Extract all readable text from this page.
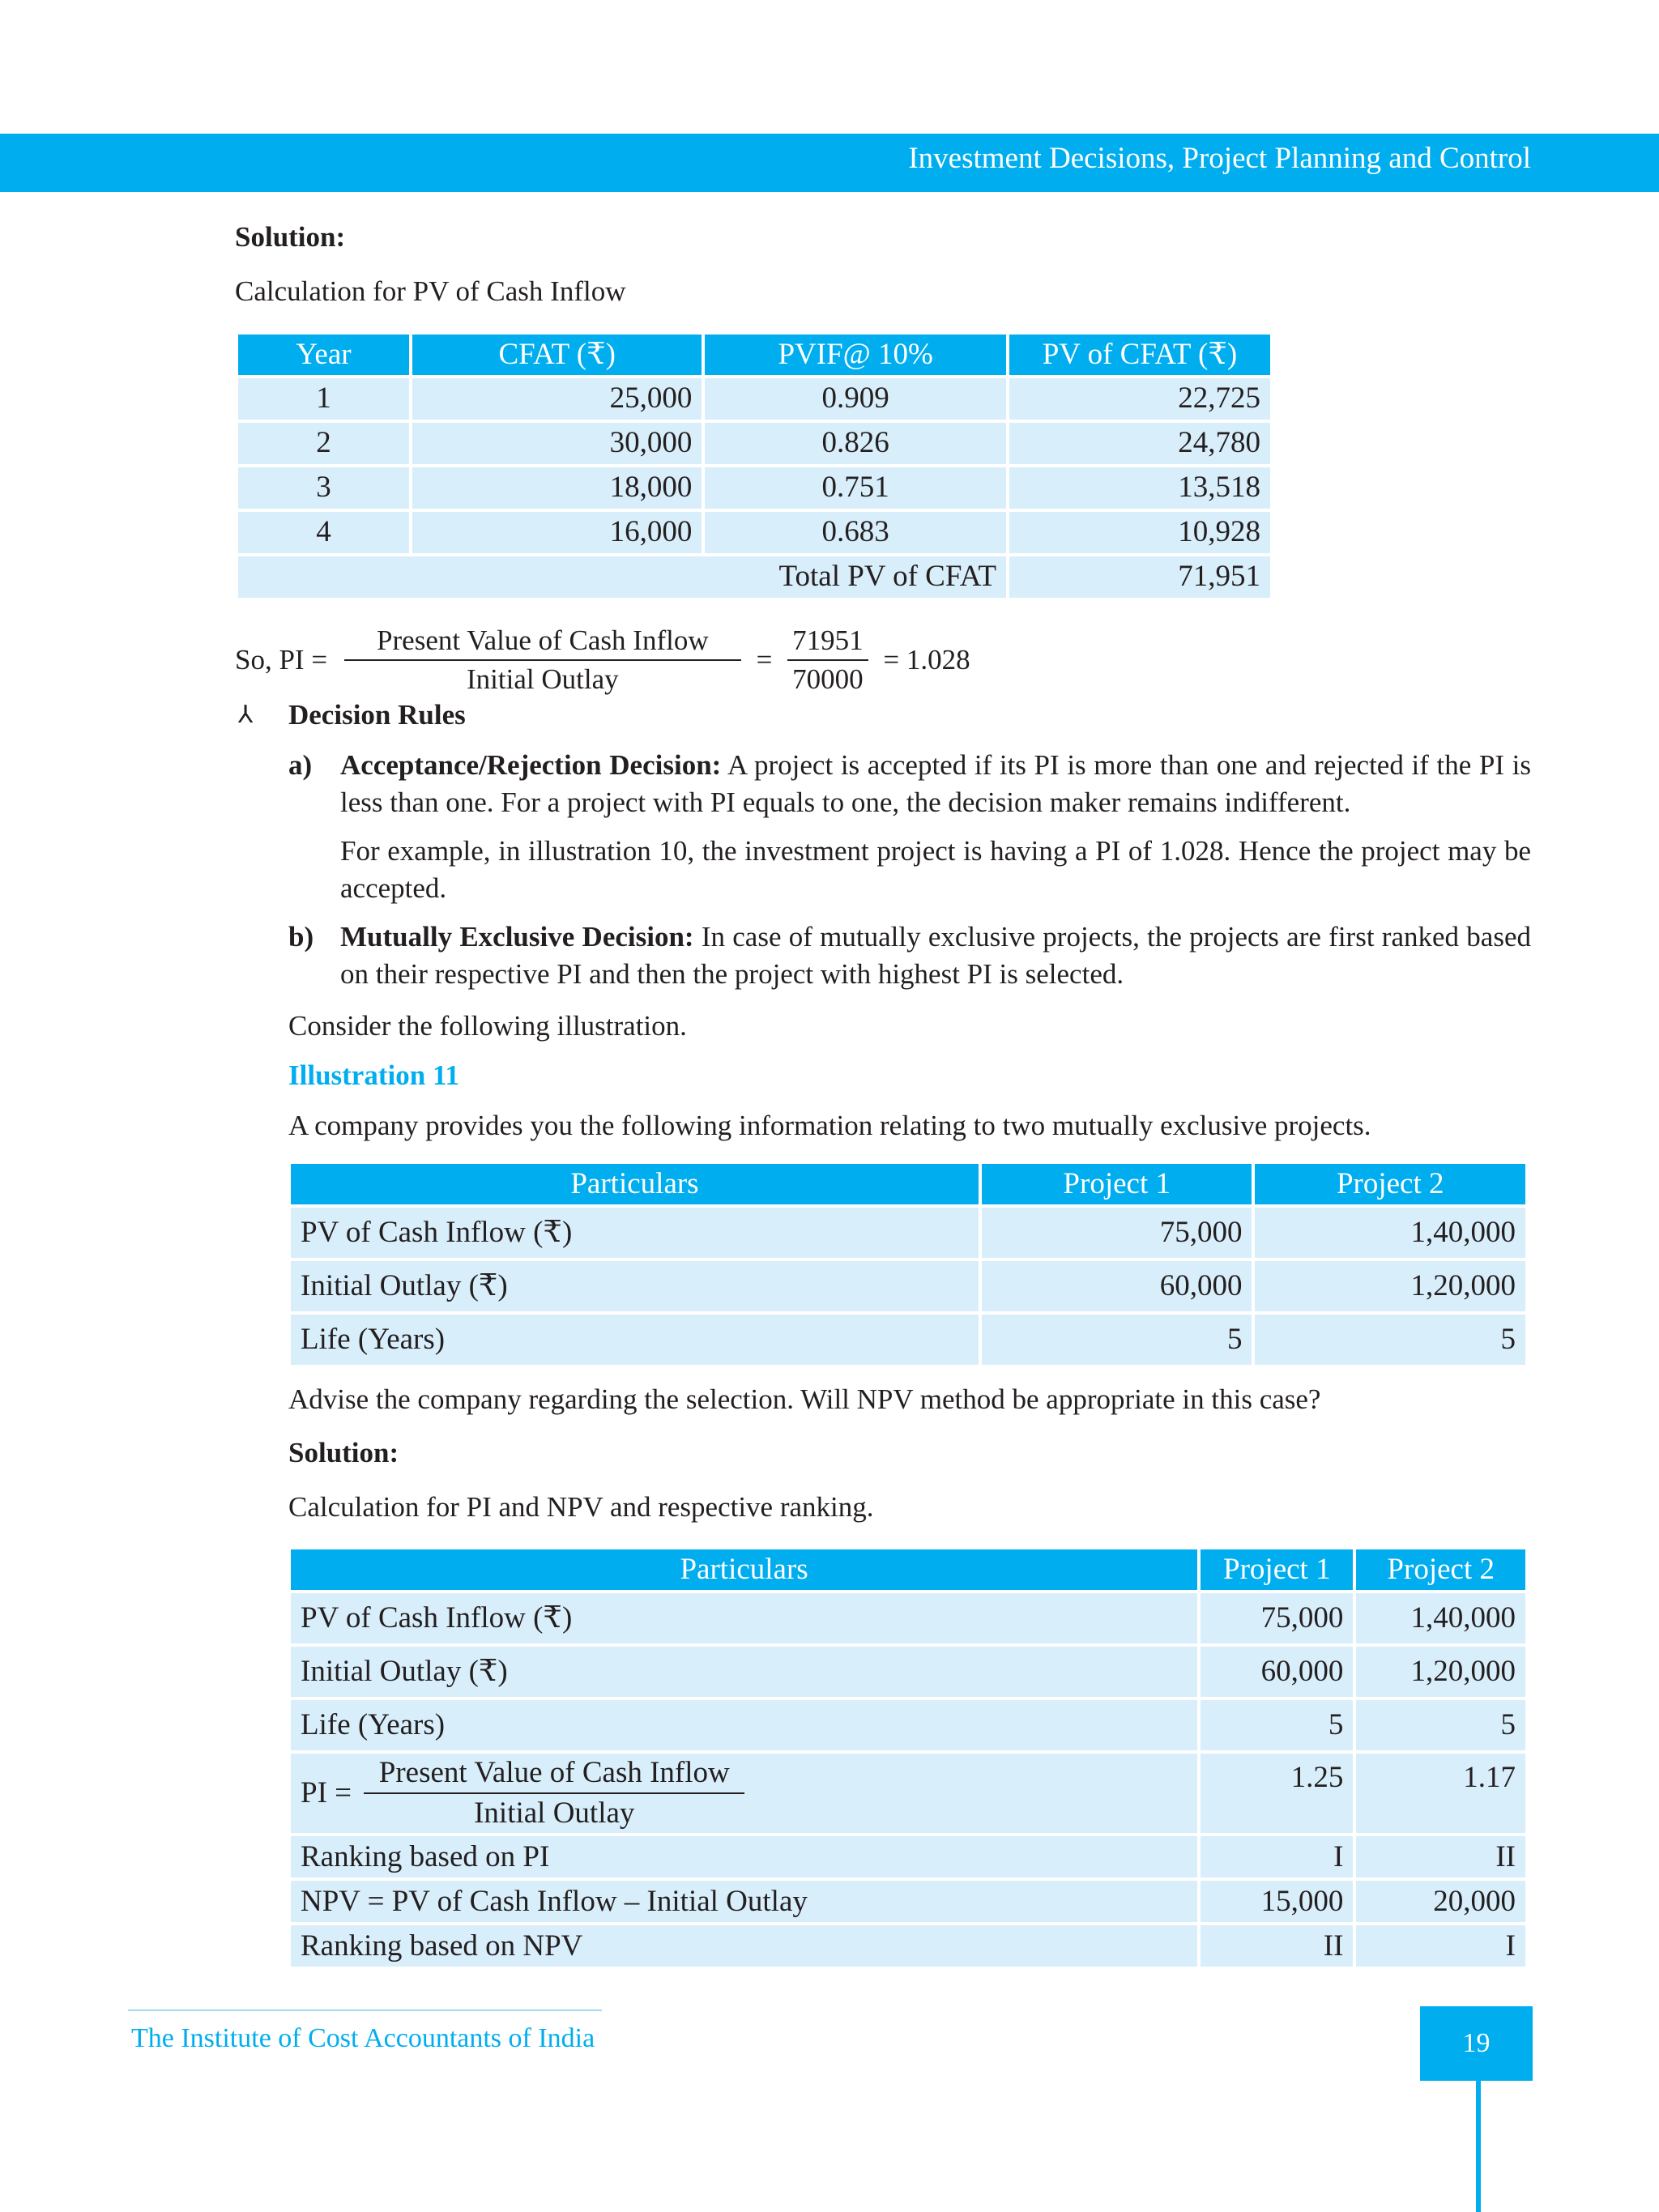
Investment Decisions, Project Planning and Control
Solution:
Calculation for PV of Cash Inflow
Year	CFAT (₹)	PVIF@ 10%	PV of CFAT (₹)
1	25,000	0.909	22,725
2	30,000	0.826	24,780
3	18,000	0.751	13,518
4	16,000	0.683	10,928
Total PV of CFAT			71,951
So, PI = $\frac{\text{Present Value of Cash Inflow}}{\text{Initial Outlay}} = \frac{71951}{70000} = 1.028$
⅄ Decision Rules
a) Acceptance/Rejection Decision: A project is accepted if its PI is more than one and rejected if the PI is less than one. For a project with PI equals to one, the decision maker remains indifferent.
For example, in illustration 10, the investment project is having a PI of 1.028. Hence the project may be accepted.
b) Mutually Exclusive Decision: In case of mutually exclusive projects, the projects are first ranked based on their respective PI and then the project with highest PI is selected.
Consider the following illustration.
Illustration 11
A company provides you the following information relating to two mutually exclusive projects.
Particulars	Project 1	Project 2
PV of Cash Inflow (₹)	75,000	1,40,000
Initial Outlay (₹)	60,000	1,20,000
Life (Years)	5	5
Advise the company regarding the selection. Will NPV method be appropriate in this case?
Solution:
Calculation for PI and NPV and respective ranking.
Particulars	Project 1	Project 2
PV of Cash Inflow (₹)	75,000	1,40,000
Initial Outlay (₹)	60,000	1,20,000
Life (Years)	5	5
PI = $\frac{\text{Present Value of Cash Inflow}}{\text{Initial Outlay}}$	1.25	1.17
Ranking based on PI	I	II
NPV = PV of Cash Inflow – Initial Outlay	15,000	20,000
Ranking based on NPV	II	I
The Institute of Cost Accountants of India	19
